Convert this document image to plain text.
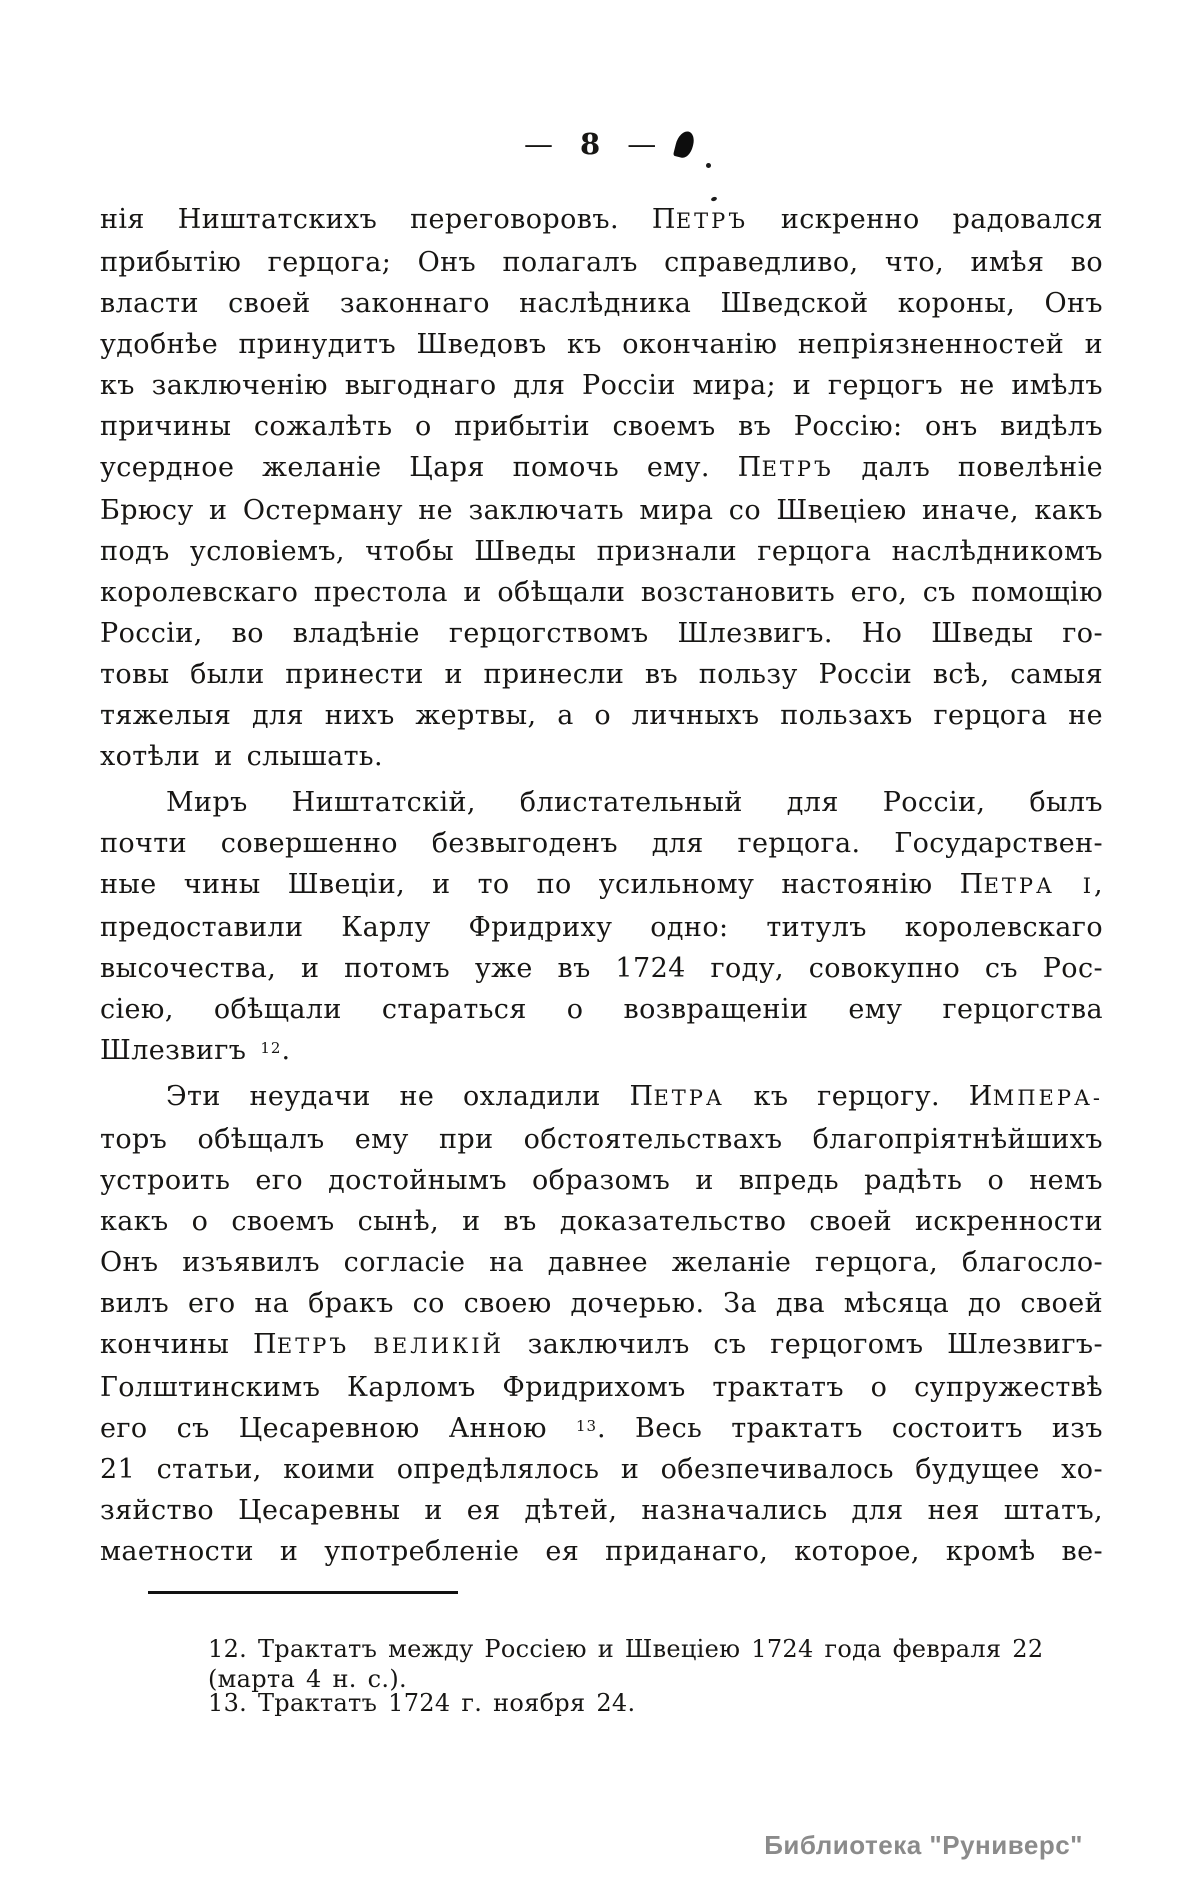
— 8 —
нія Ништатскихъ переговоровъ. ПЕТРЪ искренно радовался
прибытію герцога; Онъ полагалъ справедливо, что, имѣя во
власти своей законнаго наслѣдника Шведской короны, Онъ
удобнѣе принудитъ Шведовъ къ окончанію непріязненностей и
къ заключенію выгоднаго для Россіи мира; и герцогъ не имѣлъ
причины сожалѣть о прибытіи своемъ въ Россію: онъ видѣлъ
усердное желаніе Царя помочь ему. ПЕТРЪ далъ повелѣніе
Брюсу и Остерману не заключать мира со Швеціею иначе, какъ
подъ условіемъ, чтобы Шведы признали герцога наслѣдникомъ
королевскаго престола и обѣщали возстановить его, съ помощію
Россіи, во владѣніе герцогствомъ Шлезвигъ. Но Шведы го-
товы были принести и принесли въ пользу Россіи всѣ, самыя
тяжелыя для нихъ жертвы, а о личныхъ пользахъ герцога не
хотѣли и слышать.
Миръ Ништатскій, блистательный для Россіи, былъ
почти совершенно безвыгоденъ для герцога. Государствен-
ные чины Швеціи, и то по усильному настоянію ПЕТРА I,
предоставили Карлу Фридриху одно: титулъ королевскаго
высочества, и потомъ уже въ 1724 году, совокупно съ Рос-
сіею, обѣщали стараться о возвращеніи ему герцогства
Шлезвигъ $^{12}$.
Эти неудачи не охладили ПЕТРА къ герцогу. ИМПЕРА-
торъ обѣщалъ ему при обстоятельствахъ благопріятнѣйшихъ
устроить его достойнымъ образомъ и впредь радѣть о немъ
какъ о своемъ сынѣ, и въ доказательство своей искренности
Онъ изъявилъ согласіе на давнее желаніе герцога, благосло-
вилъ его на бракъ со своею дочерью. За два мѣсяца до своей
кончины ПЕТРЪ ВЕЛИКІЙ заключилъ съ герцогомъ Шлезвигъ-
Голштинскимъ Карломъ Фридрихомъ трактатъ о супружествѣ
его съ Цесаревною Анною $^{13}$. Весь трактатъ состоитъ изъ
21 статьи, коими опредѣлялось и обезпечивалось будущее хо-
зяйство Цесаревны и ея дѣтей, назначались для нея штатъ,
маетности и употребленіе ея приданаго, которое, кромѣ ве-
12. Трактатъ между Россіею и Швеціею 1724 года февраля 22 (марта 4 н. с.).
13. Трактатъ 1724 г. ноября 24.
Библиотека "Руниверс"
